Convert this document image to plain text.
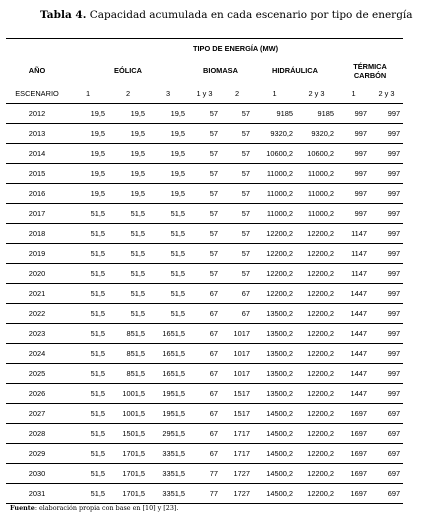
Tabla 4. Capacidad acumulada en cada escenario por tipo de energía
	TIPO DE ENERGÍA (MW)								
AÑO	EÓLICA			BIOMASA		HIDRÁULICA		TÉRMICA CARBÓN	
ESCENARIO	1	2	3	1 y 3	2	1	2 y 3	1	2 y 3
2012	19,5	19,5	19,5	57	57	9185	9185	997	997
2013	19,5	19,5	19,5	57	57	9320,2	9320,2	997	997
2014	19,5	19,5	19,5	57	57	10600,2	10600,2	997	997
2015	19,5	19,5	19,5	57	57	11000,2	11000,2	997	997
2016	19,5	19,5	19,5	57	57	11000,2	11000,2	997	997
2017	51,5	51,5	51,5	57	57	11000,2	11000,2	997	997
2018	51,5	51,5	51,5	57	57	12200,2	12200,2	1147	997
2019	51,5	51,5	51,5	57	57	12200,2	12200,2	1147	997
2020	51,5	51,5	51,5	57	57	12200,2	12200,2	1147	997
2021	51,5	51,5	51,5	67	67	12200,2	12200,2	1447	997
2022	51,5	51,5	51,5	67	67	13500,2	12200,2	1447	997
2023	51,5	851,5	1651,5	67	1017	13500,2	12200,2	1447	997
2024	51,5	851,5	1651,5	67	1017	13500,2	12200,2	1447	997
2025	51,5	851,5	1651,5	67	1017	13500,2	12200,2	1447	997
2026	51,5	1001,5	1951,5	67	1517	13500,2	12200,2	1447	997
2027	51,5	1001,5	1951,5	67	1517	14500,2	12200,2	1697	697
2028	51,5	1501,5	2951,5	67	1717	14500,2	12200,2	1697	697
2029	51,5	1701,5	3351,5	67	1717	14500,2	12200,2	1697	697
2030	51,5	1701,5	3351,5	77	1727	14500,2	12200,2	1697	697
2031	51,5	1701,5	3351,5	77	1727	14500,2	12200,2	1697	697
Fuente: elaboración propia con base en [10] y [23].
